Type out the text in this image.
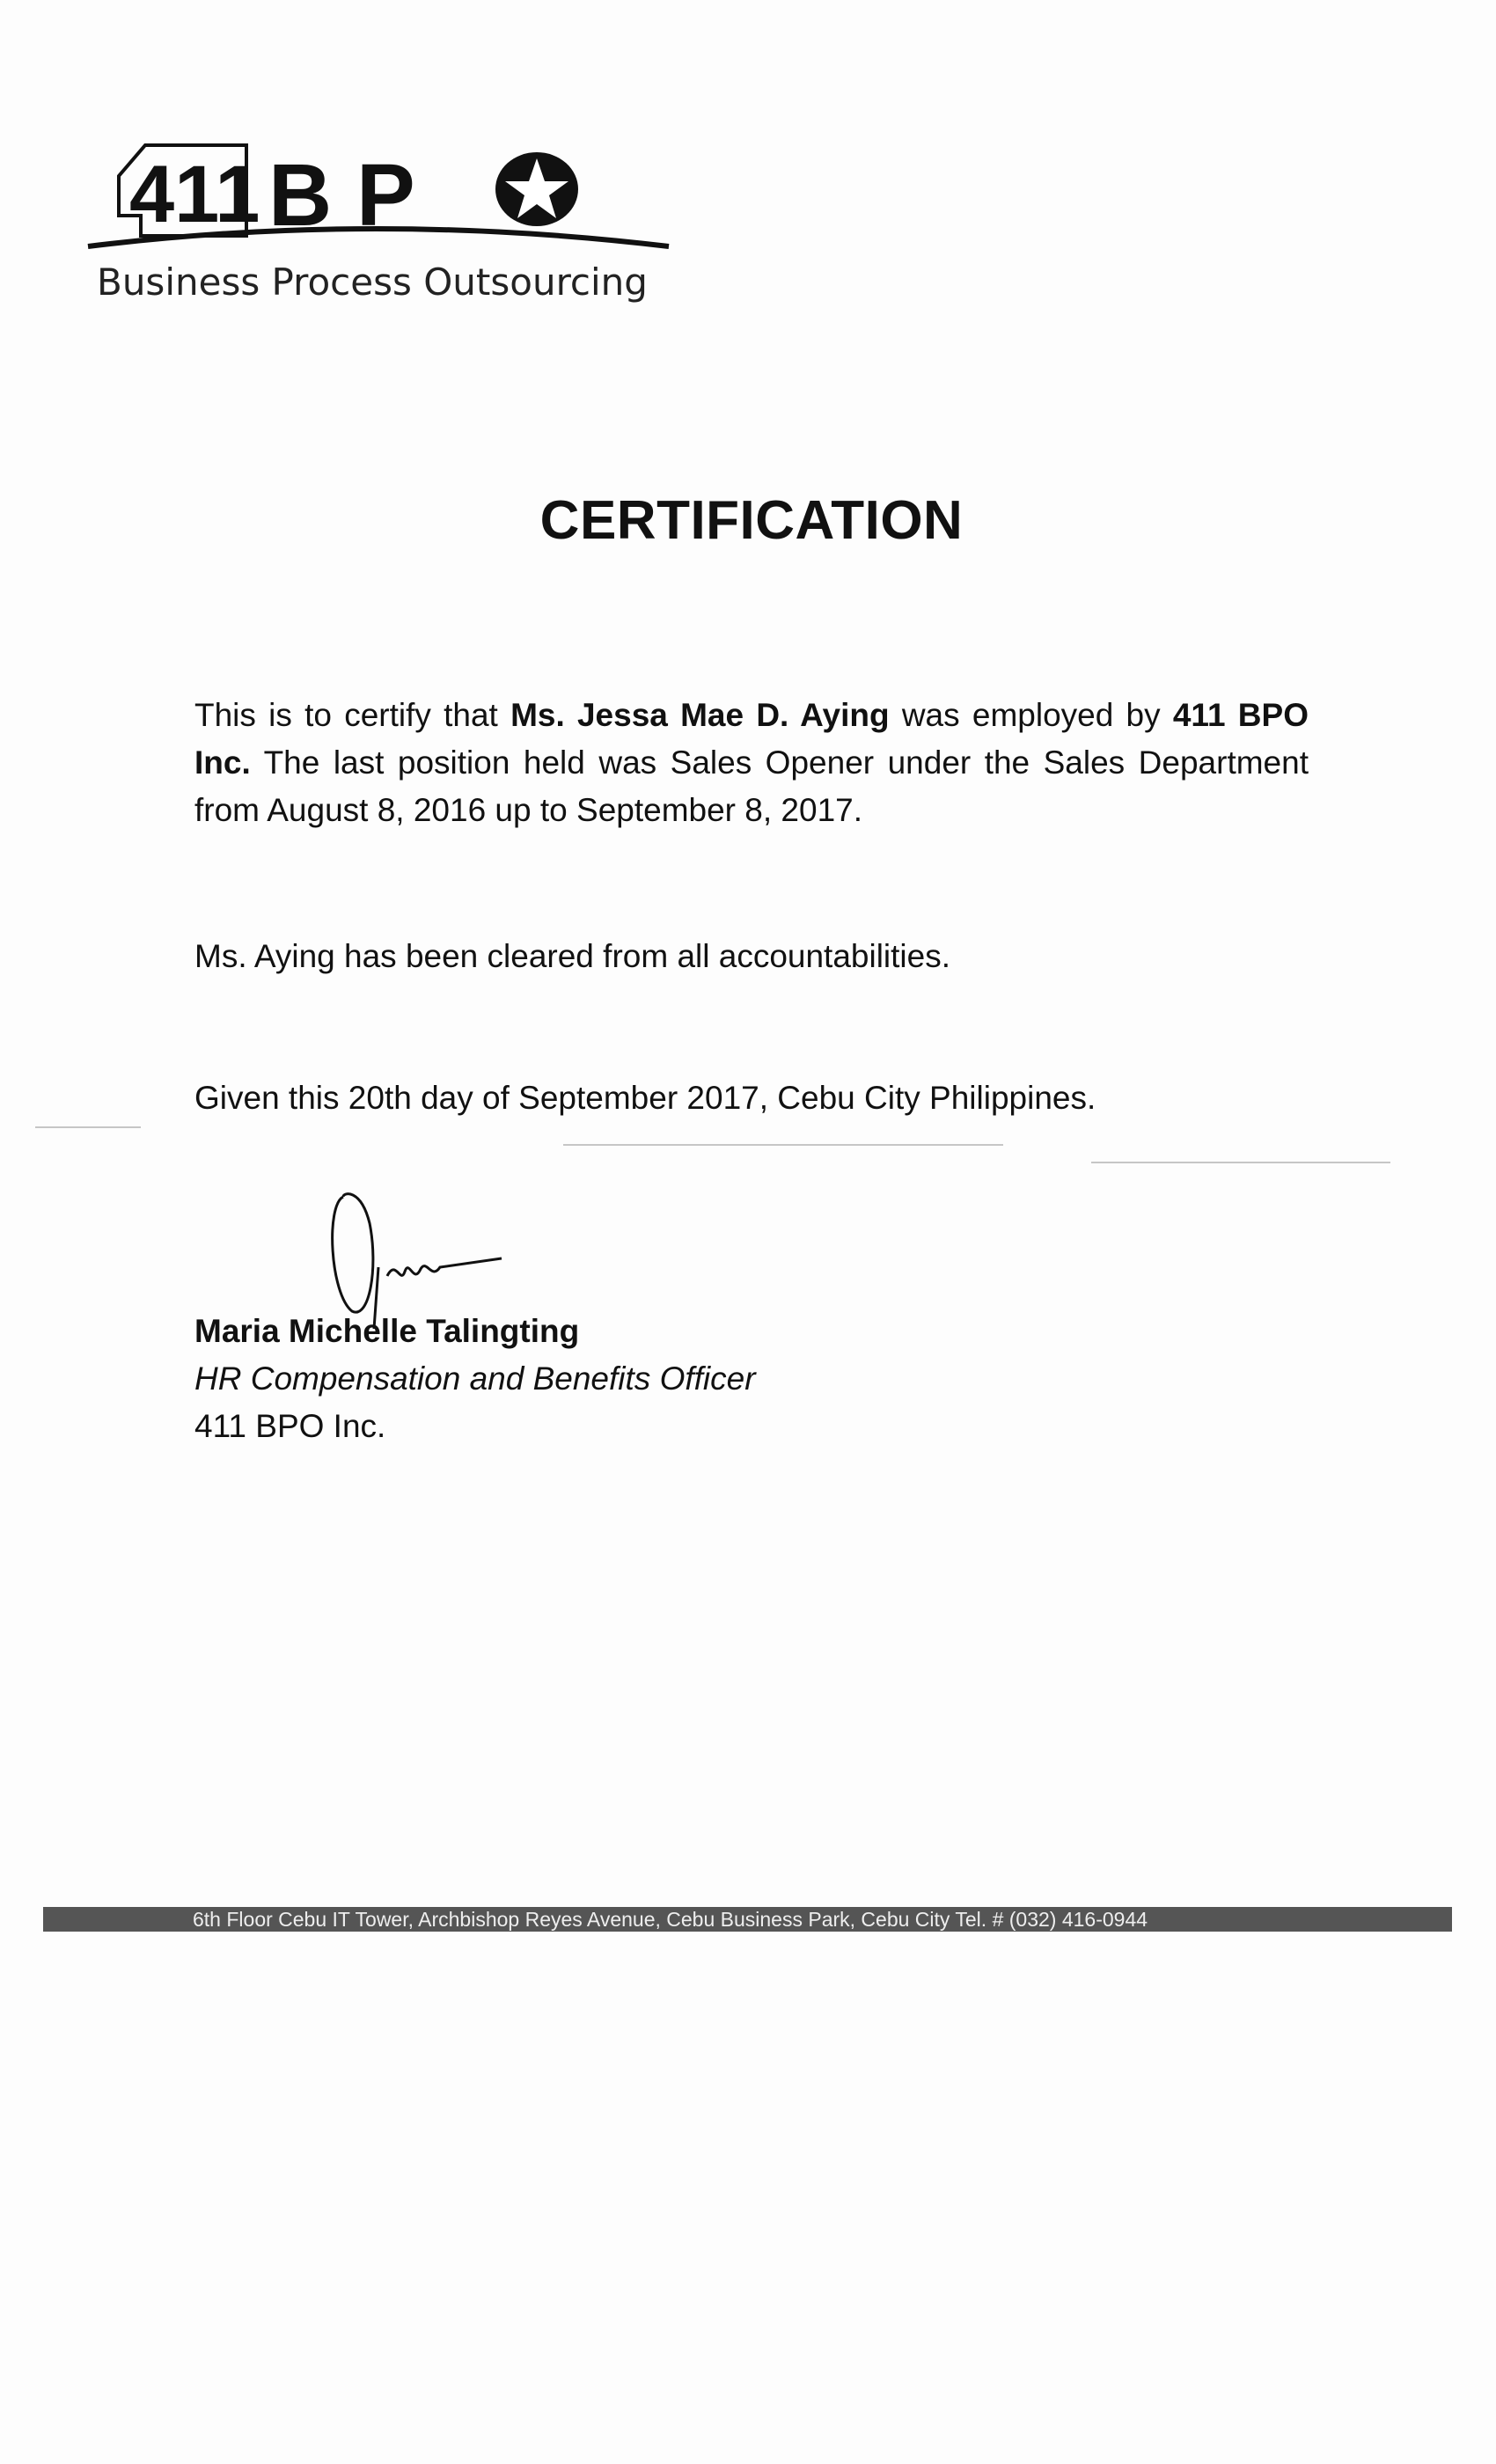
411 B P
Business Process Outsourcing
CERTIFICATION

This is to certify that Ms. Jessa Mae D. Aying was employed by 411 BPO Inc. The last position held was Sales Opener under the Sales Department from August 8, 2016 up to September 8, 2017.

Ms. Aying has been cleared from all accountabilities.

Given this 20th day of September 2017, Cebu City Philippines.

Maria Michelle Talingting
HR Compensation and Benefits Officer
411 BPO Inc.
6th Floor Cebu IT Tower, Archbishop Reyes Avenue, Cebu Business Park, Cebu City Tel. # (032) 416-0944
